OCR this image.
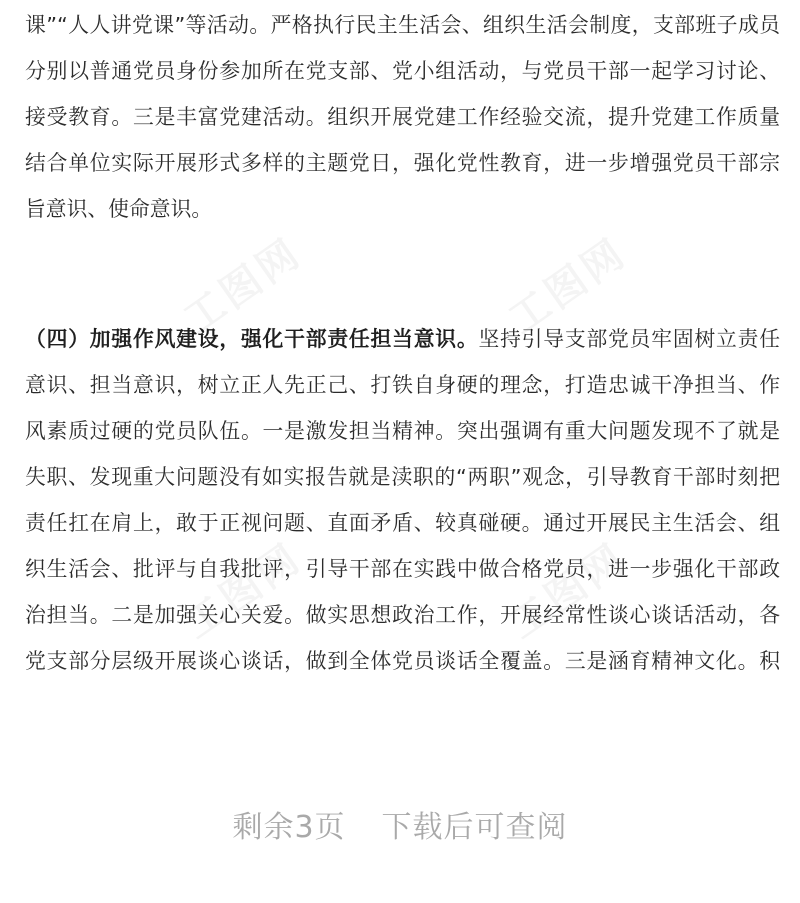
工图网	工图网
工图网	工图网
课”“人人讲党课”等活动。严格执行民主生活会、组织生活会制度，支部班子成员
分别以普通党员身份参加所在党支部、党小组活动，与党员干部一起学习讨论、
接受教育。三是丰富党建活动。组织开展党建工作经验交流，提升党建工作质量
结合单位实际开展形式多样的主题党日，强化党性教育，进一步增强党员干部宗
旨意识、使命意识。
（四）加强作风建设，强化干部责任担当意识。坚持引导支部党员牢固树立责任
意识、担当意识，树立正人先正己、打铁自身硬的理念，打造忠诚干净担当、作
风素质过硬的党员队伍。一是激发担当精神。突出强调有重大问题发现不了就是
失职、发现重大问题没有如实报告就是渎职的“两职”观念，引导教育干部时刻把
责任扛在肩上，敢于正视问题、直面矛盾、较真碰硬。通过开展民主生活会、组
织生活会、批评与自我批评，引导干部在实践中做合格党员，进一步强化干部政
治担当。二是加强关心关爱。做实思想政治工作，开展经常性谈心谈话活动，各
党支部分层级开展谈心谈话，做到全体党员谈话全覆盖。三是涵育精神文化。积
剩余3页 下载后可查阅
